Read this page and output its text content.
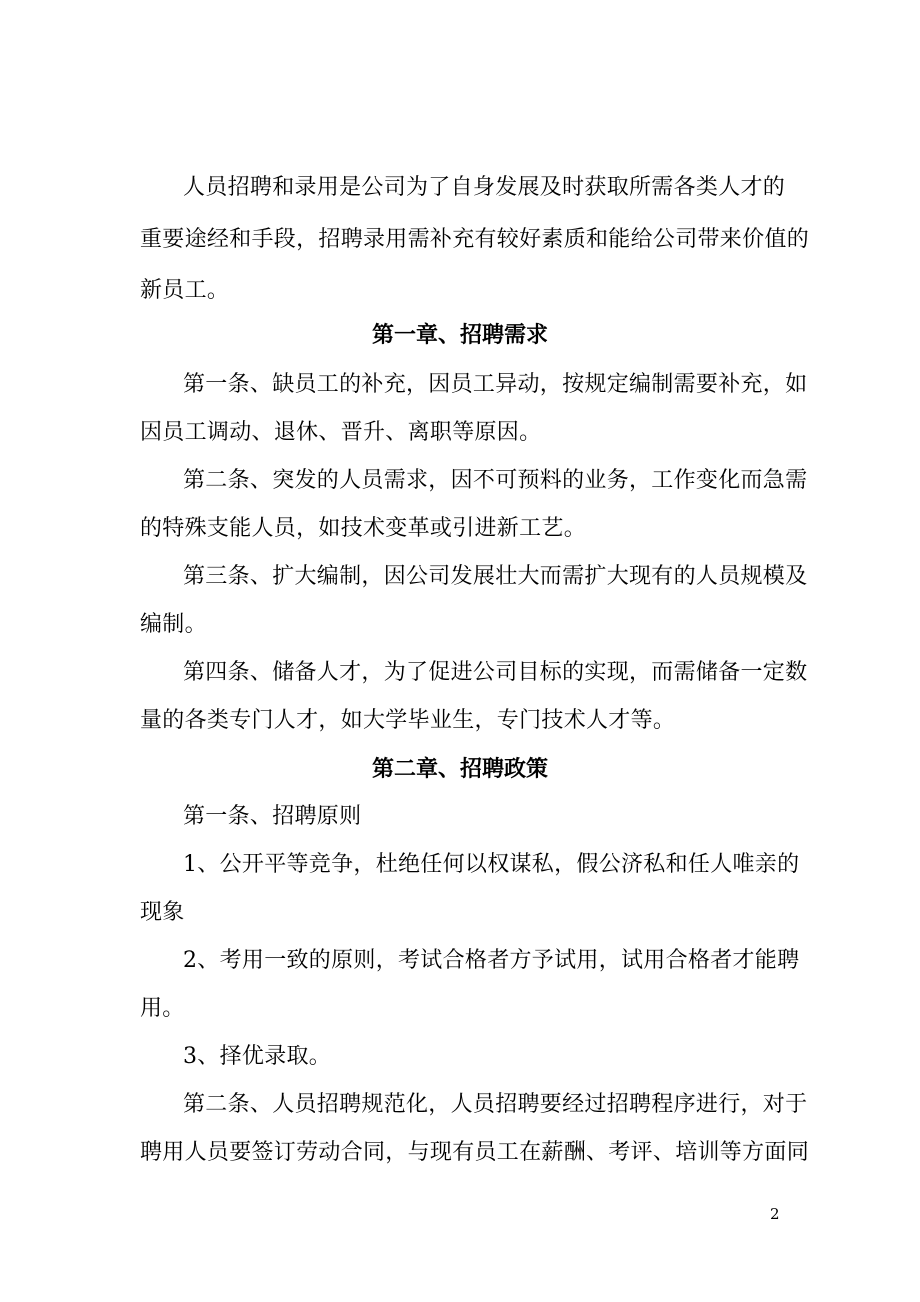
人员招聘和录用是公司为了自身发展及时获取所需各类人才的
重要途经和手段，招聘录用需补充有较好素质和能给公司带来价值的
新员工。
第一章、招聘需求
第一条、缺员工的补充，因员工异动，按规定编制需要补充，如
因员工调动、退休、晋升、离职等原因。
第二条、突发的人员需求，因不可预料的业务，工作变化而急需
的特殊支能人员，如技术变革或引进新工艺。
第三条、扩大编制，因公司发展壮大而需扩大现有的人员规模及
编制。
第四条、储备人才，为了促进公司目标的实现，而需储备一定数
量的各类专门人才，如大学毕业生，专门技术人才等。
第二章、招聘政策
第一条、招聘原则
1、公开平等竞争，杜绝任何以权谋私，假公济私和任人唯亲的
现象
2、考用一致的原则，考试合格者方予试用，试用合格者才能聘
用。
3、择优录取。
第二条、人员招聘规范化，人员招聘要经过招聘程序进行，对于
聘用人员要签订劳动合同，与现有员工在薪酬、考评、培训等方面同
2
